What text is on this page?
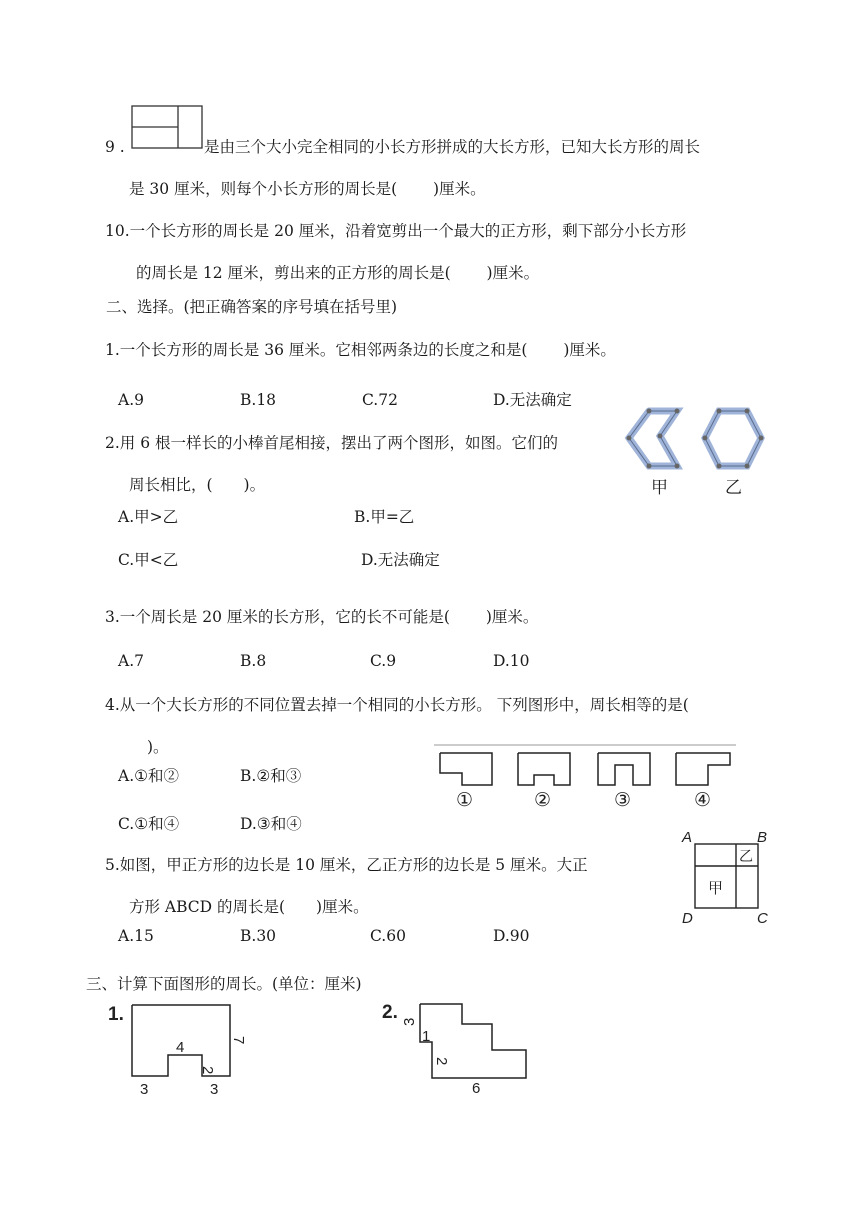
9 .	是由三个大小完全相同的小长方形拼成的大长方形，已知大长方形的周长
是 30 厘米，则每个小长方形的周长是(　　 )厘米。
10.一个长方形的周长是 20 厘米，沿着宽剪出一个最大的正方形，剩下部分小长方形
的周长是 12 厘米，剪出来的正方形的周长是(　　 )厘米。
二、选择。(把正确答案的序号填在括号里)
1.一个长方形的周长是 36 厘米。它相邻两条边的长度之和是(　　 )厘米。
A.9	B.18	C.72	D.无法确定
2.用 6 根一样长的小棒首尾相接，摆出了两个图形，如图。它们的
周长相比，(　　)。
A.甲>乙	B.甲=乙
C.甲<乙	D.无法确定
甲	乙
3.一个周长是 20 厘米的长方形，它的长不可能是(　　 )厘米。
A.7	B.8	C.9	D.10
4.从一个大长方形的不同位置去掉一个相同的小长方形。 下列图形中，周长相等的是(
)。
A.①和②	B.②和③
C.①和④	D.③和④
①	②	③	④
5.如图，甲正方形的边长是 10 厘米，乙正方形的边长是 5 厘米。大正
方形 ABCD 的周长是(　　)厘米。
A.15	B.30	C.60	D.90
A	B
D	C
甲
乙
三、计算下面图形的周长。(单位：厘米)
1.
4	7
2
3	3
2. 3
1
2
6
